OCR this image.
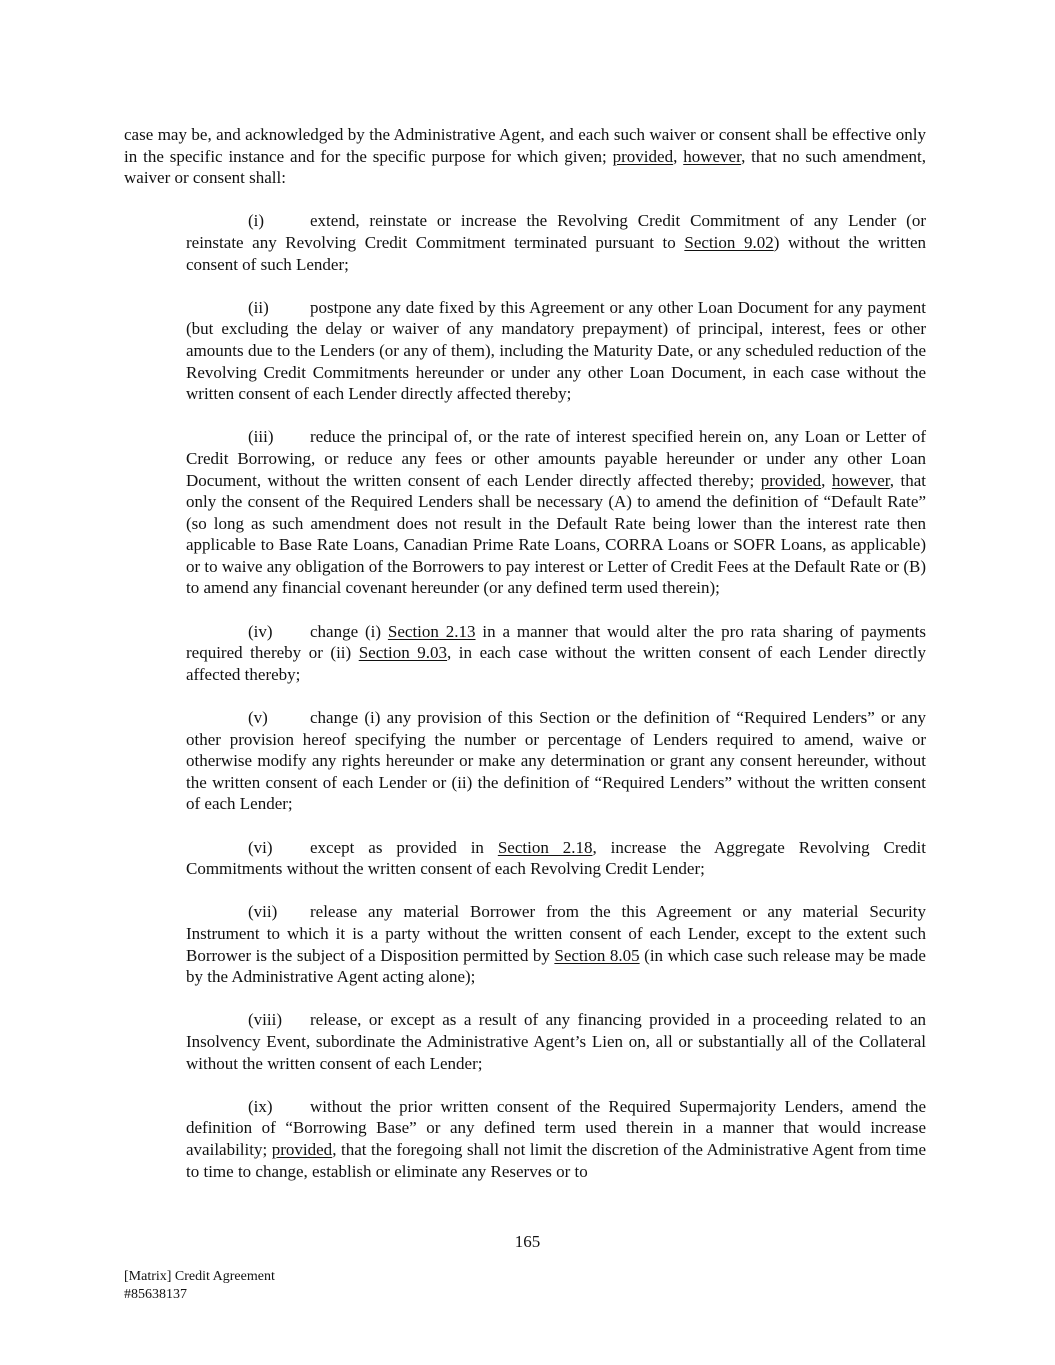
case may be, and acknowledged by the Administrative Agent, and each such waiver or consent shall be effective only in the specific instance and for the specific purpose for which given; provided, however, that no such amendment, waiver or consent shall:

(i)	extend, reinstate or increase the Revolving Credit Commitment of any Lender (or reinstate any Revolving Credit Commitment terminated pursuant to Section 9.02) without the written consent of such Lender;

(ii) postpone any date fixed by this Agreement or any other Loan Document for any payment (but excluding the delay or waiver of any mandatory prepayment) of principal, interest, fees or other amounts due to the Lenders (or any of them), including the Maturity Date, or any scheduled reduction of the Revolving Credit Commitments hereunder or under any other Loan Document, in each case without the written consent of each Lender directly affected thereby;

(iii) reduce the principal of, or the rate of interest specified herein on, any Loan or Letter of Credit Borrowing, or reduce any fees or other amounts payable hereunder or under any other Loan Document, without the written consent of each Lender directly affected thereby; provided, however, that only the consent of the Required Lenders shall be necessary (A) to amend the definition of “Default Rate” (so long as such amendment does not result in the Default Rate being lower than the interest rate then applicable to Base Rate Loans, Canadian Prime Rate Loans, CORRA Loans or SOFR Loans, as applicable) or to waive any obligation of the Borrowers to pay interest or Letter of Credit Fees at the Default Rate or (B) to amend any financial covenant hereunder (or any defined term used therein);

(iv) change (i) Section 2.13 in a manner that would alter the pro rata sharing of payments required thereby or (ii) Section 9.03, in each case without the written consent of each Lender directly affected thereby;

(v) change (i) any provision of this Section or the definition of “Required Lenders” or any other provision hereof specifying the number or percentage of Lenders required to amend, waive or otherwise modify any rights hereunder or make any determination or grant any consent hereunder, without the written consent of each Lender or (ii) the definition of “Required Lenders” without the written consent of each Lender;

(vi) except as provided in Section 2.18, increase the Aggregate Revolving Credit Commitments without the written consent of each Revolving Credit Lender;

(vii) release any material Borrower from the this Agreement or any material Security Instrument to which it is a party without the written consent of each Lender, except to the extent such Borrower is the subject of a Disposition permitted by Section 8.05 (in which case such release may be made by the Administrative Agent acting alone);

(viii) release, or except as a result of any financing provided in a proceeding related to an Insolvency Event, subordinate the Administrative Agent’s Lien on, all or substantially all of the Collateral without the written consent of each Lender;

(ix) without the prior written consent of the Required Supermajority Lenders, amend the definition of “Borrowing Base” or any defined term used therein in a manner that would increase availability; provided, that the foregoing shall not limit the discretion of the Administrative Agent from time to time to change, establish or eliminate any Reserves or to

165
[Matrix] Credit Agreement
#85638137
